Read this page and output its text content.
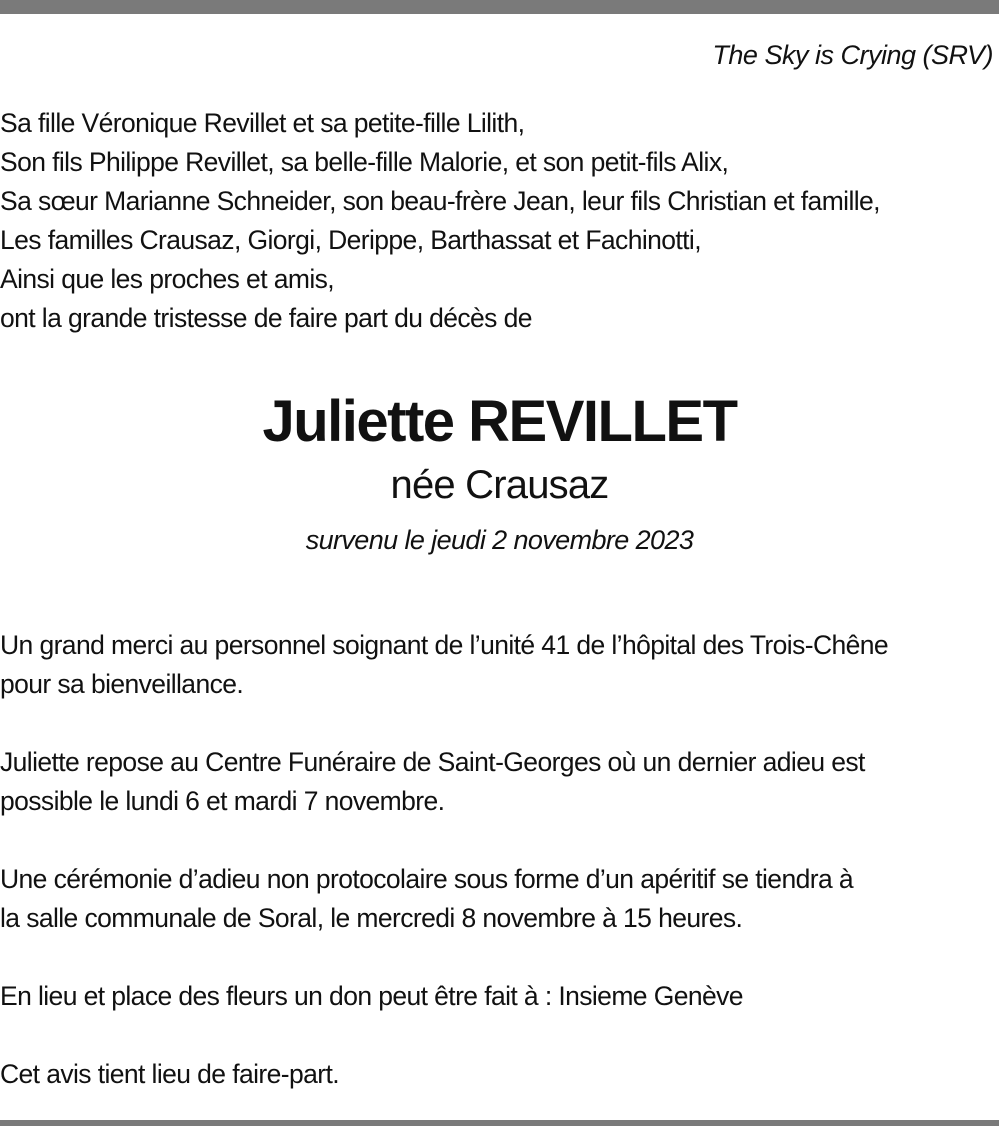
The Sky is Crying (SRV)

Sa fille Véronique Revillet et sa petite-fille Lilith,

Son fils Philippe Revillet, sa belle-fille Malorie, et son petit-fils Alix,

Sa sœur Marianne Schneider, son beau-frère Jean, leur fils Christian et famille,

Les familles Crausaz, Giorgi, Derippe, Barthassat et Fachinotti,

Ainsi que les proches et amis,

ont la grande tristesse de faire part du décès de

Juliette REVILLET
née Crausaz
survenu le jeudi 2 novembre 2023
Un grand merci au personnel soignant de l’unité 41 de l’hôpital des Trois-Chêne
pour sa bienveillance.
Juliette repose au Centre Funéraire de Saint-Georges où un dernier adieu est
possible le lundi 6 et mardi 7 novembre.
Une cérémonie d’adieu non protocolaire sous forme d’un apéritif se tiendra à
la salle communale de Soral, le mercredi 8 novembre à 15 heures.
En lieu et place des fleurs un don peut être fait à : Insieme Genève
Cet avis tient lieu de faire-part.
